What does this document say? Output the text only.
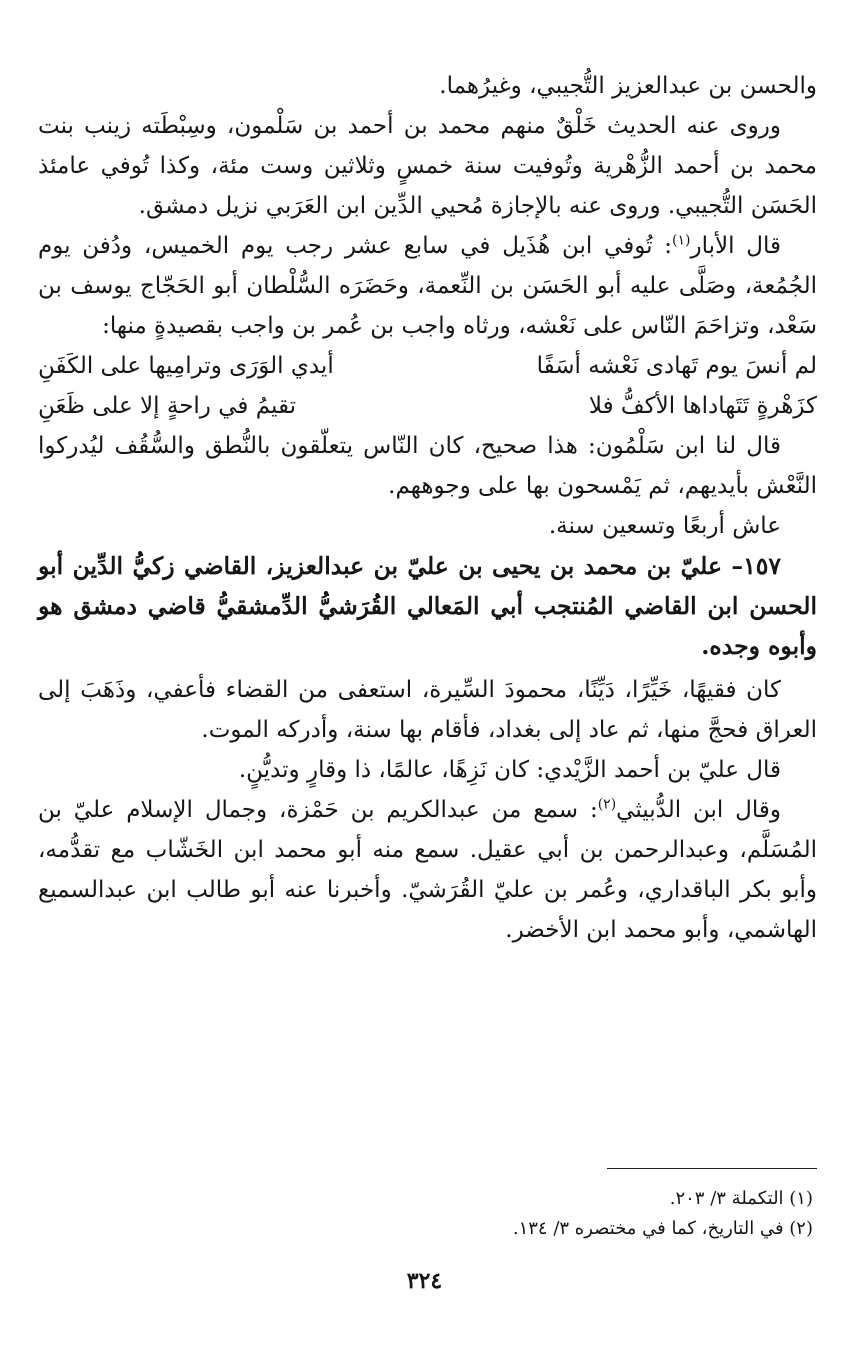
والحسن بن عبدالعزيز التُّجيبي، وغيرُهما.

وروى عنه الحديث خَلْقٌ منهم محمد بن أحمد بن سَلْمون، وسِبْطَته زينب بنت محمد بن أحمد الزُّهْرية وتُوفيت سنة خمسٍ وثلاثين وست مئة، وكذا تُوفي عامئذ الحَسَن التُّجيبي. وروى عنه بالإجازة مُحيي الدِّين ابن العَرَبي نزيل دمشق.

قال الأبار$^{(١)}$: تُوفي ابن هُذَيل في سابع عشر رجب يوم الخميس، ودُفن يوم الجُمُعة، وصَلَّى عليه أبو الحَسَن بن النِّعمة، وحَضَرَه السُّلْطان أبو الحَجّاج يوسف بن سَعْد، وتزاحَمَ النّاس على نَعْشه، ورثاه واجب بن عُمر بن واجب بقصيدةٍ منها:

لم أنسَ يوم تَهادى نَعْشه أسَفًا
أيدي الوَرَى وترامِيها على الكَفَنِ
كزَهْرةٍ تَتَهاداها الأكفُّ فلا
تقيمُ في راحةٍ إلا على ظَعَنِ

قال لنا ابن سَلْمُون: هذا صحيح، كان النّاس يتعلّقون بالنُّطق والسُّقُف ليُدركوا النَّعْش بأيديهم، ثم يَمْسحون بها على وجوههم.

عاش أربعًا وتسعين سنة.

١٥٧– عليّ بن محمد بن يحيى بن عليّ بن عبدالعزيز، القاضي زكيُّ الدِّين أبو الحسن ابن القاضي المُنتجب أبي المَعالي القُرَشيُّ الدِّمشقيُّ قاضي دمشق هو وأبوه وجده.

كان فقيهًا، خَيِّرًا، دَيِّنًا، محمودَ السِّيرة، استعفى من القضاء فأعفي، وذَهَبَ إلى العراق فحجَّ منها، ثم عاد إلى بغداد، فأقام بها سنة، وأدركه الموت.

قال عليّ بن أحمد الزَّيْدي: كان نَزِهًا، عالمًا، ذا وقارٍ وتديُّنٍ.

وقال ابن الدُّبيثي$^{(٢)}$: سمع من عبدالكريم بن حَمْزة، وجمال الإسلام عليّ بن المُسَلَّم، وعبدالرحمن بن أبي عقيل. سمع منه أبو محمد ابن الخَشّاب مع تقدُّمه، وأبو بكر الباقداري، وعُمر بن عليّ القُرَشيّ. وأخبرنا عنه أبو طالب ابن عبدالسميع الهاشمي، وأبو محمد ابن الأخضر.

(١) التكملة ٣/ ٢٠٣.

(٢) في التاريخ، كما في مختصره ٣/ ١٣٤.

٣٢٤
